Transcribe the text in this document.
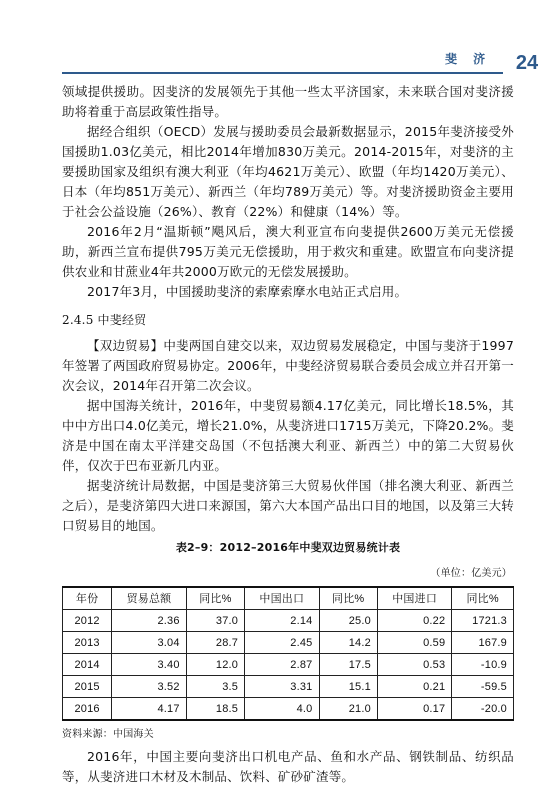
斐 济	24

领域提供援助。因斐济的发展领先于其他一些太平济国家，未来联合国对斐济援助将着重于高层政策性指导。

据经合组织（OECD）发展与援助委员会最新数据显示，2015年斐济接受外国援助1.03亿美元，相比2014年增加830万美元。2014-2015年，对斐济的主要援助国家及组织有澳大利亚（年均4621万美元）、欧盟（年均1420万美元）、日本（年均851万美元）、新西兰（年均789万美元）等。对斐济援助资金主要用于社会公益设施（26%）、教育（22%）和健康（14%）等。

2016年2月“温斯顿”飓风后，澳大利亚宣布向斐提供2600万美元无偿援助，新西兰宣布提供795万美元无偿援助，用于救灾和重建。欧盟宣布向斐济提供农业和甘蔗业4年共2000万欧元的无偿发展援助。

2017年3月，中国援助斐济的索摩索摩水电站正式启用。

2.4.5 中斐经贸

【双边贸易】中斐两国自建交以来，双边贸易发展稳定，中国与斐济于1997年签署了两国政府贸易协定。2006年，中斐经济贸易联合委员会成立并召开第一次会议，2014年召开第二次会议。

据中国海关统计，2016年，中斐贸易额4.17亿美元，同比增长18.5%，其中中方出口4.0亿美元，增长21.0%，从斐济进口1715万美元，下降20.2%。斐济是中国在南太平洋建交岛国（不包括澳大利亚、新西兰）中的第二大贸易伙伴，仅次于巴布亚新几内亚。

据斐济统计局数据，中国是斐济第三大贸易伙伴国（排名澳大利亚、新西兰之后），是斐济第四大进口来源国，第六大本国产品出口目的地国，以及第三大转口贸易目的地国。

表2–9：2012–2016年中斐双边贸易统计表
（单位：亿美元）
年份	贸易总额	同比%	中国出口	同比%	中国进口	同比%
2012	2.36	37.0	2.14	25.0	0.22	1721.3
2013	3.04	28.7	2.45	14.2	0.59	167.9
2014	3.40	12.0	2.87	17.5	0.53	-10.9
2015	3.52	3.5	3.31	15.1	0.21	-59.5
2016	4.17	18.5	4.0	21.0	0.17	-20.0
资料来源：中国海关

2016年，中国主要向斐济出口机电产品、鱼和水产品、钢铁制品、纺织品等，从斐济进口木材及木制品、饮料、矿砂矿渣等。
